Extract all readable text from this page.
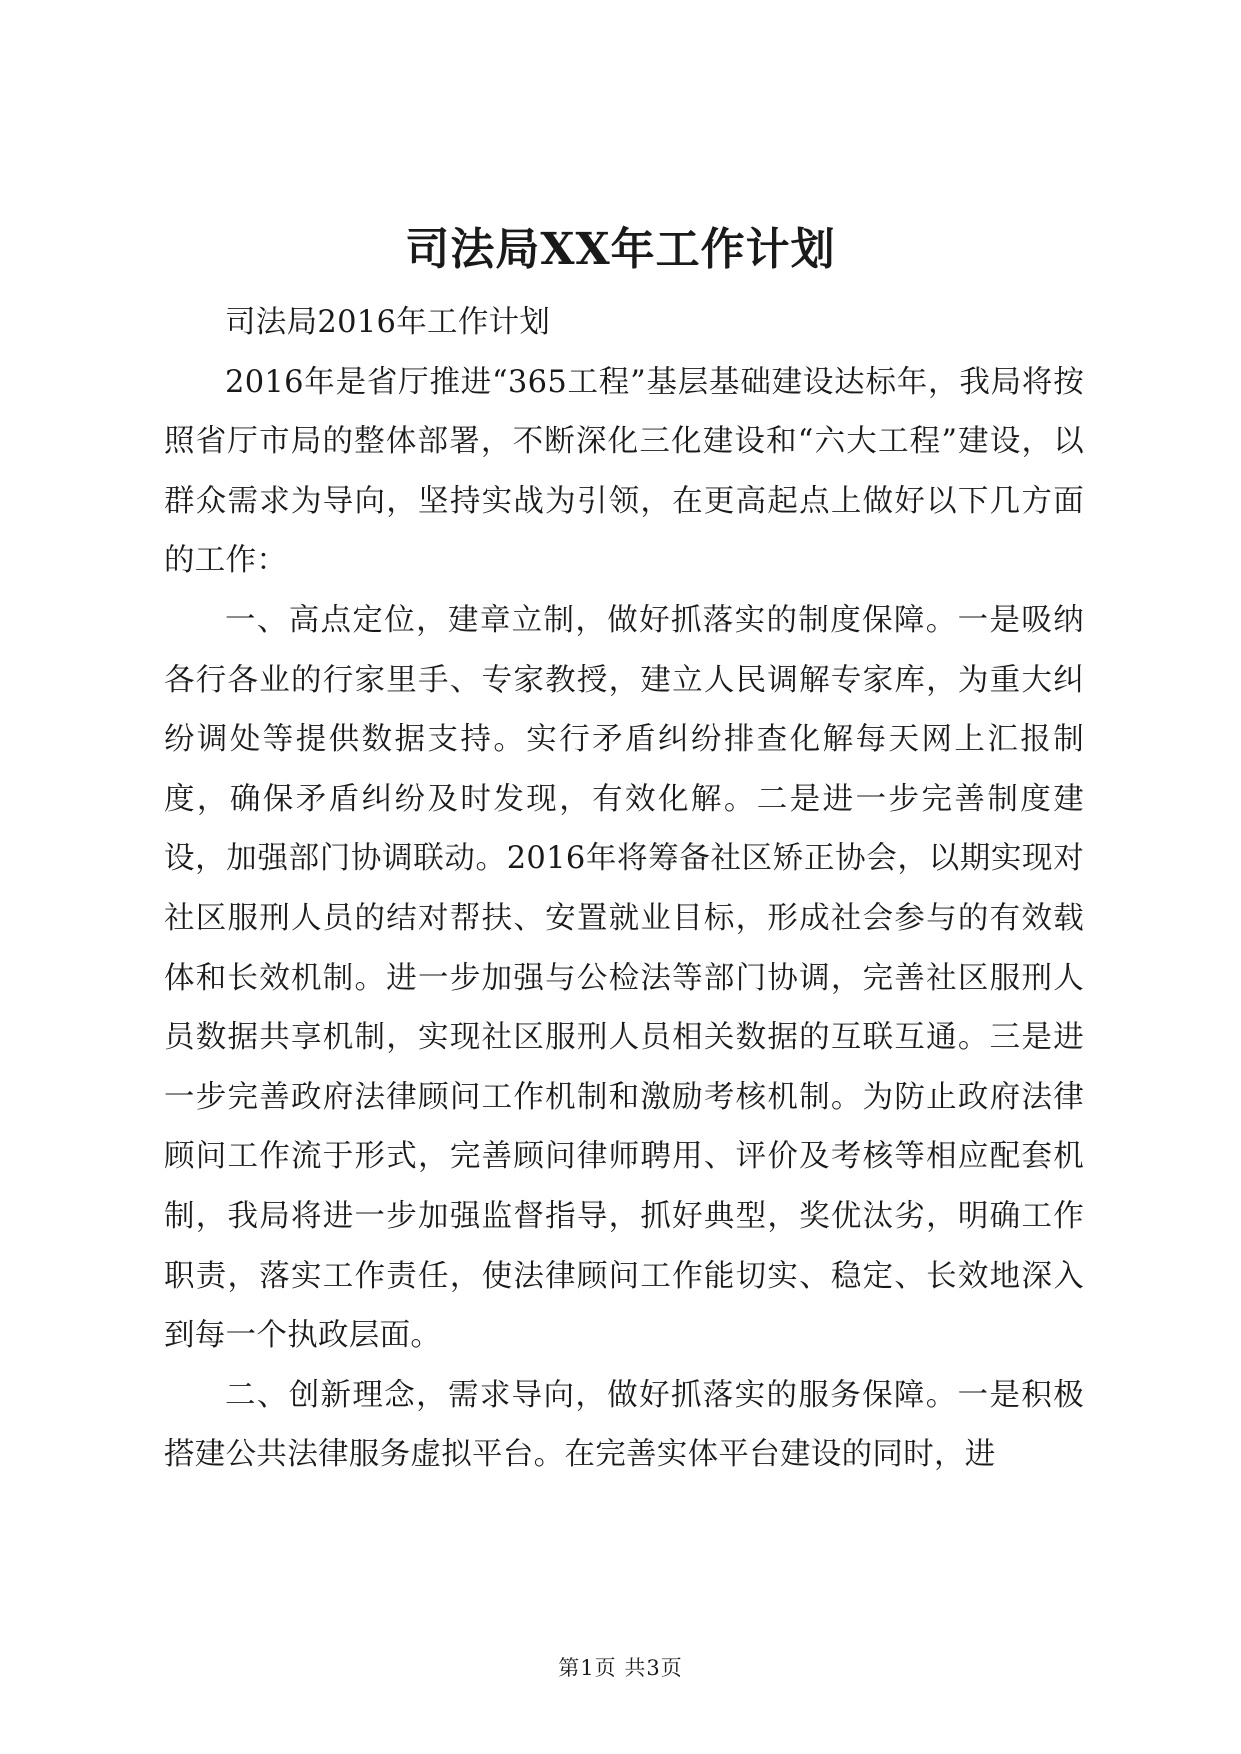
司法局XX年工作计划

司法局2016年工作计划

2016年是省厅推进“365工程”基层基础建设达标年，我局将按照省厅市局的整体部署，不断深化三化建设和“六大工程”建设，以群众需求为导向，坚持实战为引领，在更高起点上做好以下几方面的工作：

一、高点定位，建章立制，做好抓落实的制度保障。一是吸纳各行各业的行家里手、专家教授，建立人民调解专家库，为重大纠纷调处等提供数据支持。实行矛盾纠纷排查化解每天网上汇报制度，确保矛盾纠纷及时发现，有效化解。二是进一步完善制度建设，加强部门协调联动。2016年将筹备社区矫正协会，以期实现对社区服刑人员的结对帮扶、安置就业目标，形成社会参与的有效载体和长效机制。进一步加强与公检法等部门协调，完善社区服刑人员数据共享机制，实现社区服刑人员相关数据的互联互通。三是进一步完善政府法律顾问工作机制和激励考核机制。为防止政府法律顾问工作流于形式，完善顾问律师聘用、评价及考核等相应配套机制，我局将进一步加强监督指导，抓好典型，奖优汰劣，明确工作职责，落实工作责任，使法律顾问工作能切实、稳定、长效地深入到每一个执政层面。

二、创新理念，需求导向，做好抓落实的服务保障。一是积极搭建公共法律服务虚拟平台。在完善实体平台建设的同时，进

第1页 共3页
